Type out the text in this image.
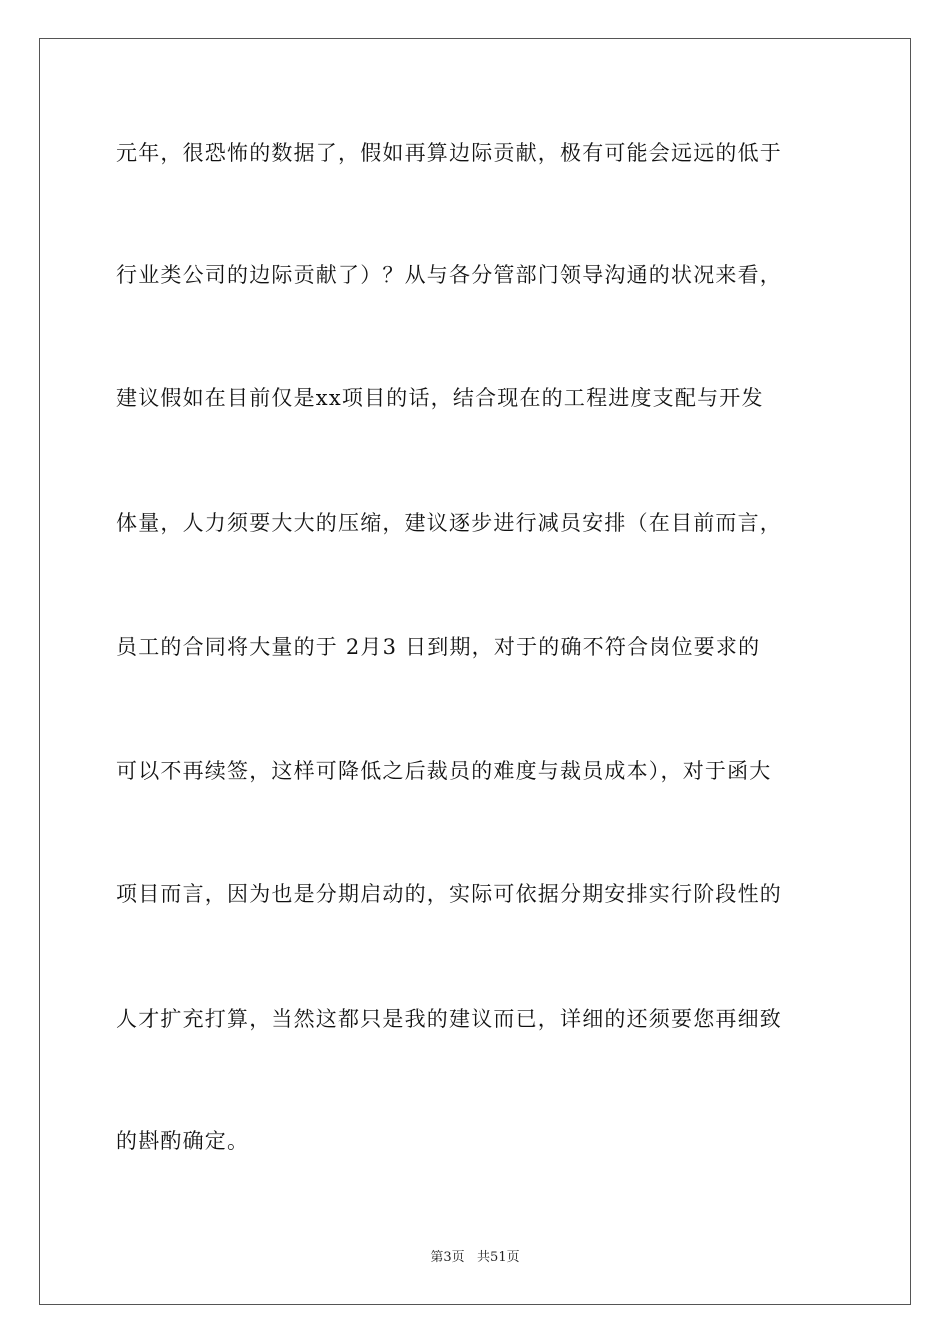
元年，很恐怖的数据了，假如再算边际贡献，极有可能会远远的低于
行业类公司的边际贡献了）？从与各分管部门领导沟通的状况来看，
建议假如在目前仅是xx项目的话，结合现在的工程进度支配与开发
体量，人力须要大大的压缩，建议逐步进行减员安排（在目前而言，
员工的合同将大量的于 2月3 日到期，对于的确不符合岗位要求的
可以不再续签，这样可降低之后裁员的难度与裁员成本），对于函大
项目而言，因为也是分期启动的，实际可依据分期安排实行阶段性的
人才扩充打算，当然这都只是我的建议而已，详细的还须要您再细致
的斟酌确定。
第3页   共51页
